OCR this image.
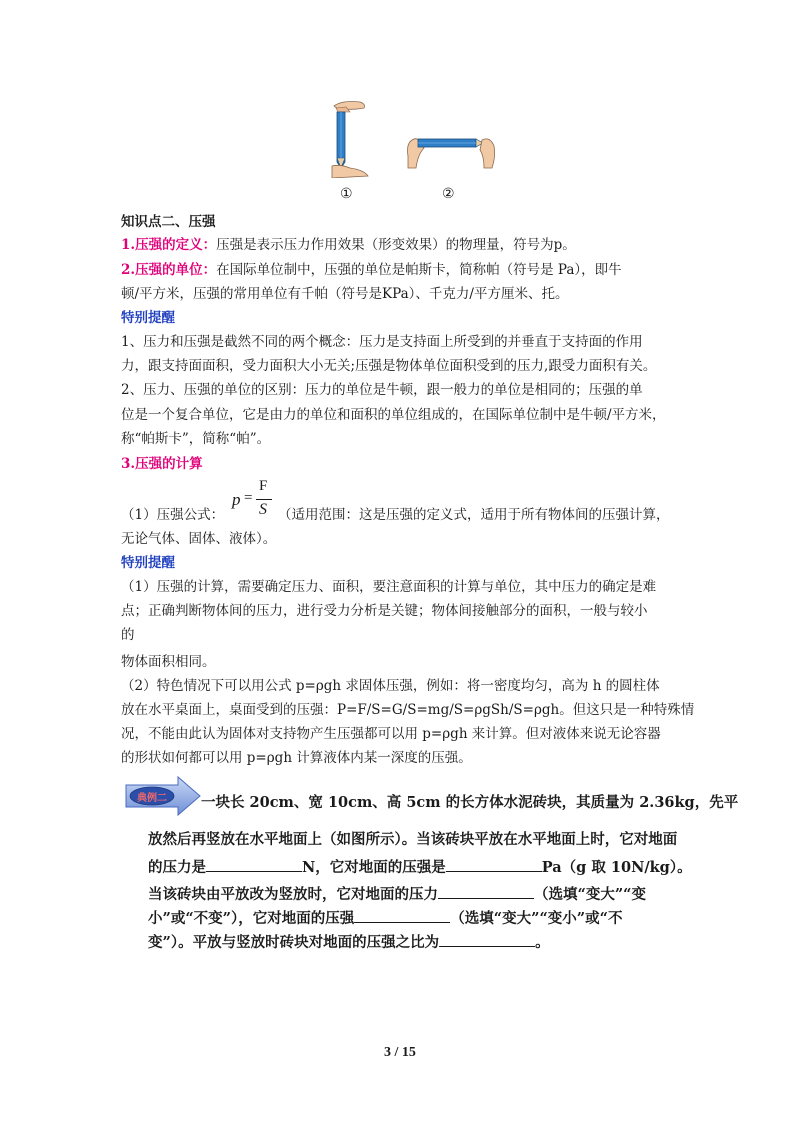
①	②
知识点二、压强
1.压强的定义：压强是表示压力作用效果（形变效果）的物理量，符号为p。
2.压强的单位：在国际单位制中，压强的单位是帕斯卡，简称帕（符号是 Pa），即牛
顿/平方米，压强的常用单位有千帕（符号是KPa）、千克力/平方厘米、托。
特别提醒
1、压力和压强是截然不同的两个概念：压力是支持面上所受到的并垂直于支持面的作用
力，跟支持面面积，受力面积大小无关;压强是物体单位面积受到的压力,跟受力面积有关。
2、压力、压强的单位的区别：压力的单位是牛顿，跟一般力的单位是相同的；压强的单
位是一个复合单位，它是由力的单位和面积的单位组成的，在国际单位制中是牛顿/平方米，
称“帕斯卡”，简称“帕”。
3.压强的计算
（1）压强公式：
p =
F
S （适用范围：这是压强的定义式，适用于所有物体间的压强计算，
无论气体、固体、液体）。
特别提醒
（1）压强的计算，需要确定压力、面积，要注意面积的计算与单位，其中压力的确定是难
点；正确判断物体间的压力，进行受力分析是关键；物体间接触部分的面积，一般与较小
的
物体面积相同。
（2）特色情况下可以用公式 p=ρgh 求固体压强，例如：将一密度均匀，高为 h 的圆柱体
放在水平桌面上，桌面受到的压强：P=F/S=G/S=mg/S=ρgSh/S=ρgh。但这只是一种特殊情
况，不能由此认为固体对支持物产生压强都可以用 p=ρgh 来计算。但对液体来说无论容器
的形状如何都可以用 p=ρgh 计算液体内某一深度的压强。
典例二	一块长 20cm、宽 10cm、高 5cm 的长方体水泥砖块，其质量为 2.36kg，先平
放然后再竖放在水平地面上（如图所示）。当该砖块平放在水平地面上时，它对地面
的压力是	N，它对地面的压强是	Pa（g 取 10N/kg）。
当该砖块由平放改为竖放时，它对地面的压力	（选填“变大”“变
小”或“不变”），它对地面的压强	（选填“变大”“变小”或“不
变”）。平放与竖放时砖块对地面的压强之比为	。
3 / 15
